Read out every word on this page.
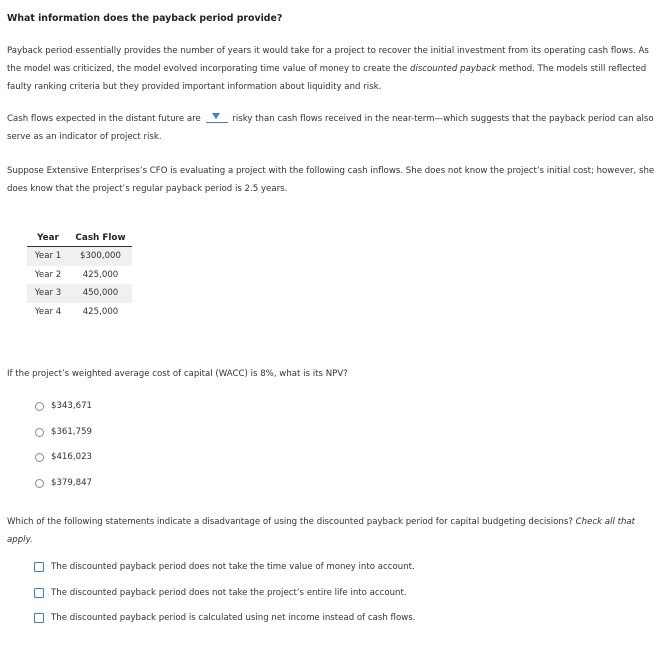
What information does the payback period provide?
Payback period essentially provides the number of years it would take for a project to recover the initial investment from its operating cash flows. As the model was criticized, the model evolved incorporating time value of money to create the discounted payback method. The models still reflected faulty ranking criteria but they provided important information about liquidity and risk.
Cash flows expected in the distant future are	risky than cash flows received in the near-term—which suggests that the payback period can also serve as an indicator of project risk.
Suppose Extensive Enterprises’s CFO is evaluating a project with the following cash inflows. She does not know the project’s initial cost; however, she does know that the project’s regular payback period is 2.5 years.
Year	Cash Flow
Year 1	$300,000
Year 2	425,000
Year 3	450,000
Year 4	425,000
If the project’s weighted average cost of capital (WACC) is 8%, what is its NPV?
$343,671
$361,759
$416,023
$379,847
Which of the following statements indicate a disadvantage of using the discounted payback period for capital budgeting decisions? Check all that apply.
The discounted payback period does not take the time value of money into account.
The discounted payback period does not take the project’s entire life into account.
The discounted payback period is calculated using net income instead of cash flows.
